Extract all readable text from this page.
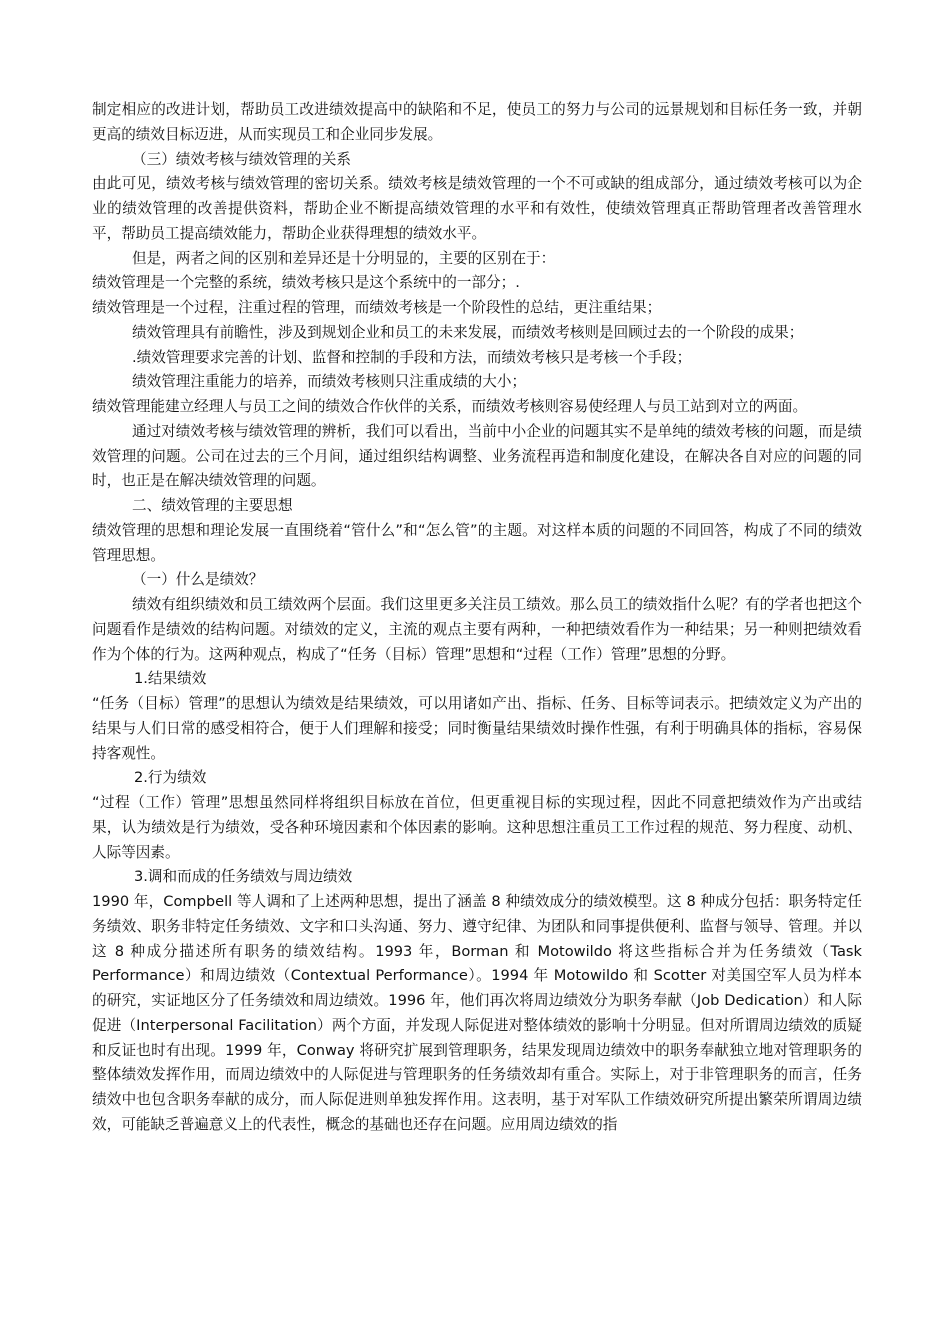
制定相应的改进计划，帮助员工改进绩效提高中的缺陷和不足，使员工的努力与公司的远景规划和目标任务一致，并朝更高的绩效目标迈进，从而实现员工和企业同步发展。

（三）绩效考核与绩效管理的关系

由此可见，绩效考核与绩效管理的密切关系。绩效考核是绩效管理的一个不可或缺的组成部分，通过绩效考核可以为企业的绩效管理的改善提供资料，帮助企业不断提高绩效管理的水平和有效性，使绩效管理真正帮助管理者改善管理水平，帮助员工提高绩效能力，帮助企业获得理想的绩效水平。

但是，两者之间的区别和差异还是十分明显的，主要的区别在于：

绩效管理是一个完整的系统，绩效考核只是这个系统中的一部分；.

绩效管理是一个过程，注重过程的管理，而绩效考核是一个阶段性的总结，更注重结果；

绩效管理具有前瞻性，涉及到规划企业和员工的未来发展，而绩效考核则是回顾过去的一个阶段的成果；

.绩效管理要求完善的计划、监督和控制的手段和方法，而绩效考核只是考核一个手段；

绩效管理注重能力的培养，而绩效考核则只注重成绩的大小；

绩效管理能建立经理人与员工之间的绩效合作伙伴的关系，而绩效考核则容易使经理人与员工站到对立的两面。

通过对绩效考核与绩效管理的辨析，我们可以看出，当前中小企业的问题其实不是单纯的绩效考核的问题，而是绩效管理的问题。公司在过去的三个月间，通过组织结构调整、业务流程再造和制度化建设，在解决各自对应的问题的同时，也正是在解决绩效管理的问题。

二、绩效管理的主要思想

绩效管理的思想和理论发展一直围绕着“管什么”和“怎么管”的主题。对这样本质的问题的不同回答，构成了不同的绩效管理思想。

（一）什么是绩效？

绩效有组织绩效和员工绩效两个层面。我们这里更多关注员工绩效。那么员工的绩效指什么呢？有的学者也把这个问题看作是绩效的结构问题。对绩效的定义，主流的观点主要有两种，一种把绩效看作为一种结果；另一种则把绩效看作为个体的行为。这两种观点，构成了“任务（目标）管理”思想和“过程（工作）管理”思想的分野。

1.结果绩效

“任务（目标）管理”的思想认为绩效是结果绩效，可以用诸如产出、指标、任务、目标等词表示。把绩效定义为产出的结果与人们日常的感受相符合，便于人们理解和接受；同时衡量结果绩效时操作性强，有利于明确具体的指标，容易保持客观性。

2.行为绩效

“过程（工作）管理”思想虽然同样将组织目标放在首位，但更重视目标的实现过程，因此不同意把绩效作为产出或结果，认为绩效是行为绩效，受各种环境因素和个体因素的影响。这种思想注重员工工作过程的规范、努力程度、动机、人际等因素。

3.调和而成的任务绩效与周边绩效

1990 年，Compbell 等人调和了上述两种思想，提出了涵盖 8 种绩效成分的绩效模型。这 8 种成分包括：职务特定任务绩效、职务非特定任务绩效、文字和口头沟通、努力、遵守纪律、为团队和同事提供便利、监督与领导、管理。并以这 8 种成分描述所有职务的绩效结构。1993 年，Borman 和 Motowildo 将这些指标合并为任务绩效（Task Performance）和周边绩效（Contextual Performance）。1994 年 Motowildo 和 Scotter 对美国空军人员为样本的研究，实证地区分了任务绩效和周边绩效。1996 年，他们再次将周边绩效分为职务奉献（Job Dedication）和人际促进（Interpersonal Facilitation）两个方面，并发现人际促进对整体绩效的影响十分明显。但对所谓周边绩效的质疑和反证也时有出现。1999 年，Conway 将研究扩展到管理职务，结果发现周边绩效中的职务奉献独立地对管理职务的整体绩效发挥作用，而周边绩效中的人际促进与管理职务的任务绩效却有重合。实际上，对于非管理职务的而言，任务绩效中也包含职务奉献的成分，而人际促进则单独发挥作用。这表明，基于对军队工作绩效研究所提出繁荣所谓周边绩效，可能缺乏普遍意义上的代表性，概念的基础也还存在问题。应用周边绩效的指
